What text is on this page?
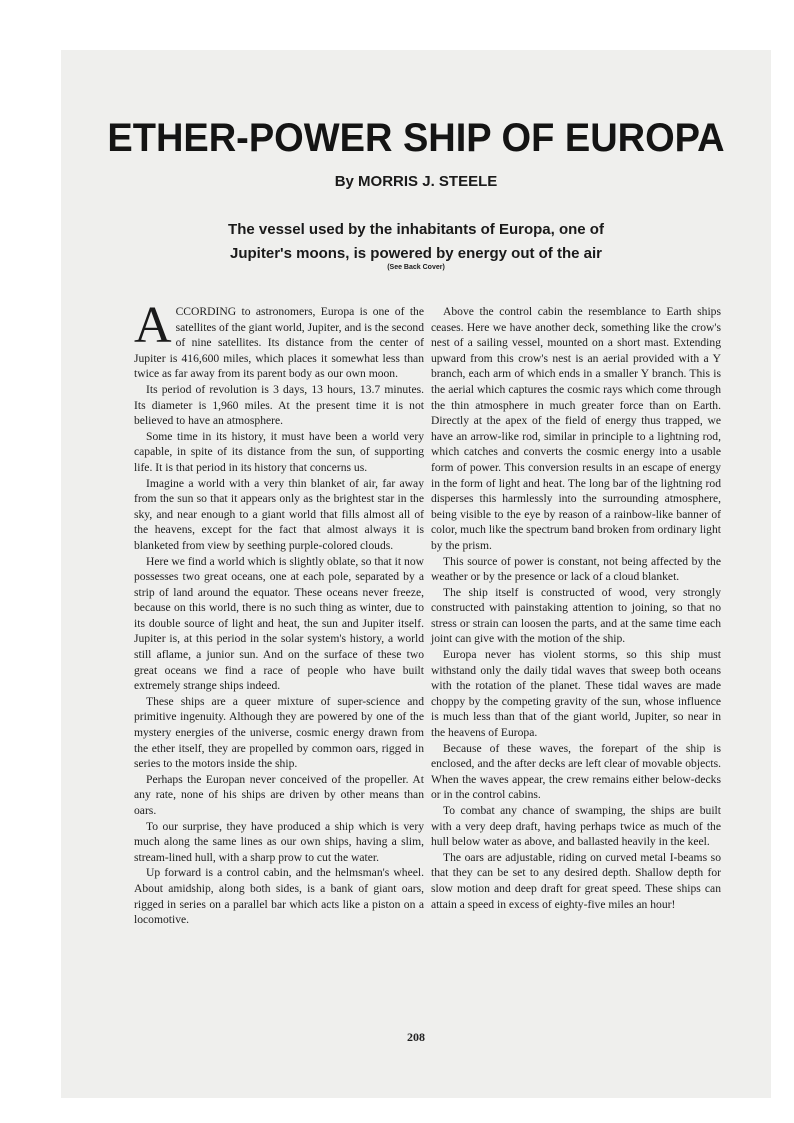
ETHER-POWER SHIP OF EUROPA
By MORRIS J. STEELE
The vessel used by the inhabitants of Europa, one of
Jupiter's moons, is powered by energy out of the air
(See Back Cover)

ACCORDING to astronomers, Europa is one of the satellites of the giant world, Jupiter, and is the second of nine satellites. Its distance from the center of Jupiter is 416,600 miles, which places it somewhat less than twice as far away from its parent body as our own moon.

Its period of revolution is 3 days, 13 hours, 13.7 minutes. Its diameter is 1,960 miles. At the present time it is not believed to have an atmosphere.

Some time in its history, it must have been a world very capable, in spite of its distance from the sun, of supporting life. It is that period in its history that concerns us.

Imagine a world with a very thin blanket of air, far away from the sun so that it appears only as the brightest star in the sky, and near enough to a giant world that fills almost all of the heavens, except for the fact that almost always it is blanketed from view by seething purple-colored clouds.

Here we find a world which is slightly oblate, so that it now possesses two great oceans, one at each pole, separated by a strip of land around the equator. These oceans never freeze, because on this world, there is no such thing as winter, due to its double source of light and heat, the sun and Jupiter itself. Jupiter is, at this period in the solar system's history, a world still aflame, a junior sun. And on the surface of these two great oceans we find a race of people who have built extremely strange ships indeed.

These ships are a queer mixture of super-science and primitive ingenuity. Although they are powered by one of the mystery energies of the universe, cosmic energy drawn from the ether itself, they are propelled by common oars, rigged in series to the motors inside the ship.

Perhaps the Europan never conceived of the propeller. At any rate, none of his ships are driven by other means than oars.

To our surprise, they have produced a ship which is very much along the same lines as our own ships, having a slim, stream-lined hull, with a sharp prow to cut the water.

Up forward is a control cabin, and the helmsman's wheel. About amidship, along both sides, is a bank of giant oars, rigged in series on a parallel bar which acts like a piston on a locomotive.

Above the control cabin the resemblance to Earth ships ceases. Here we have another deck, something like the crow's nest of a sailing vessel, mounted on a short mast. Extending upward from this crow's nest is an aerial provided with a Y branch, each arm of which ends in a smaller Y branch. This is the aerial which captures the cosmic rays which come through the thin atmosphere in much greater force than on Earth. Directly at the apex of the field of energy thus trapped, we have an arrow-like rod, similar in principle to a lightning rod, which catches and converts the cosmic energy into a usable form of power. This conversion results in an escape of energy in the form of light and heat. The long bar of the lightning rod disperses this harmlessly into the surrounding atmosphere, being visible to the eye by reason of a rainbow-like banner of color, much like the spectrum band broken from ordinary light by the prism.

This source of power is constant, not being affected by the weather or by the presence or lack of a cloud blanket.

The ship itself is constructed of wood, very strongly constructed with painstaking attention to joining, so that no stress or strain can loosen the parts, and at the same time each joint can give with the motion of the ship.

Europa never has violent storms, so this ship must withstand only the daily tidal waves that sweep both oceans with the rotation of the planet. These tidal waves are made choppy by the competing gravity of the sun, whose influence is much less than that of the giant world, Jupiter, so near in the heavens of Europa.

Because of these waves, the forepart of the ship is enclosed, and the after decks are left clear of movable objects. When the waves appear, the crew remains either below-decks or in the control cabins.

To combat any chance of swamping, the ships are built with a very deep draft, having perhaps twice as much of the hull below water as above, and ballasted heavily in the keel.

The oars are adjustable, riding on curved metal I-beams so that they can be set to any desired depth. Shallow depth for slow motion and deep draft for great speed. These ships can attain a speed in excess of eighty-five miles an hour!

208
